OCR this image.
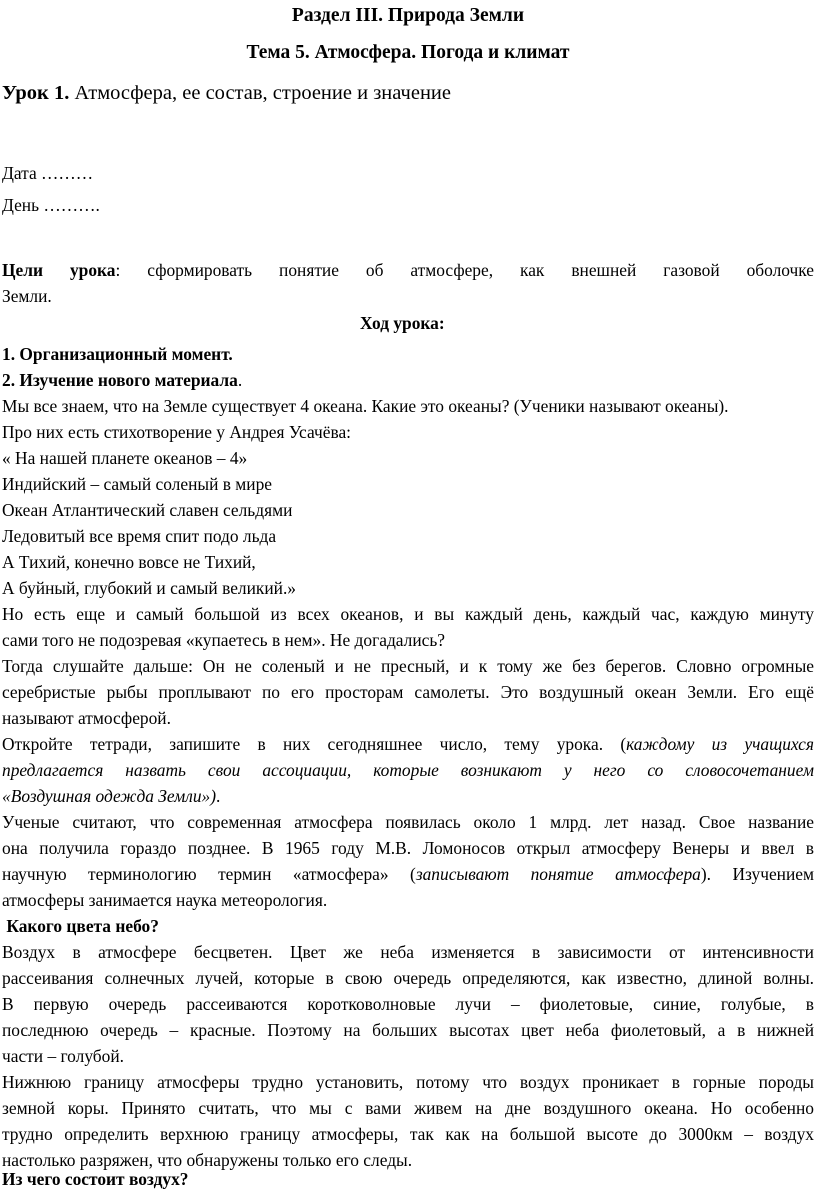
Раздел III. Природа Земли
Тема 5. Атмосфера. Погода и климат
Урок 1. Атмосфера, ее состав, строение и значение
Дата ………
День ……….
Цели урока: сформировать понятие об атмосфере, как внешней газовой оболочке
Земли.
Ход урока:
1. Организационный момент.
2. Изучение нового материала.
Мы все знаем, что на Земле существует 4 океана. Какие это океаны? (Ученики называют океаны).
Про них есть стихотворение у Андрея Усачёва:
« На нашей планете океанов – 4»
Индийский – самый соленый в мире
Океан Атлантический славен сельдями
Ледовитый все время спит подо льда
А Тихий, конечно вовсе не Тихий,
А буйный, глубокий и самый великий.»
Но есть еще и самый большой из всех океанов, и вы каждый день, каждый час, каждую минуту
сами того не подозревая «купаетесь в нем». Не догадались?
Тогда слушайте дальше: Он не соленый и не пресный, и к тому же без берегов. Словно огромные
серебристые рыбы проплывают по его просторам самолеты. Это воздушный океан Земли. Его ещё
называют атмосферой.
Откройте тетради, запишите в них сегодняшнее число, тему урока. (каждому из учащихся
предлагается назвать свои ассоциации, которые возникают у него со словосочетанием
«Воздушная одежда Земли»).
Ученые считают, что современная атмосфера появилась около 1 млрд. лет назад. Свое название
она получила гораздо позднее. В 1965 году М.В. Ломоносов открыл атмосферу Венеры и ввел в
научную терминологию термин «атмосфера» (записывают понятие атмосфера). Изучением
атмосферы занимается наука метеорология.
Какого цвета небо?
Воздух в атмосфере бесцветен. Цвет же неба изменяется в зависимости от интенсивности
рассеивания солнечных лучей, которые в свою очередь определяются, как известно, длиной волны.
В первую очередь рассеиваются коротковолновые лучи – фиолетовые, синие, голубые, в
последнюю очередь – красные. Поэтому на больших высотах цвет неба фиолетовый, а в нижней
части – голубой.
Нижнюю границу атмосферы трудно установить, потому что воздух проникает в горные породы
земной коры. Принято считать, что мы с вами живем на дне воздушного океана. Но особенно
трудно определить верхнюю границу атмосферы, так как на большой высоте до 3000км – воздух
настолько разряжен, что обнаружены только его следы.
Из чего состоит воздух?
